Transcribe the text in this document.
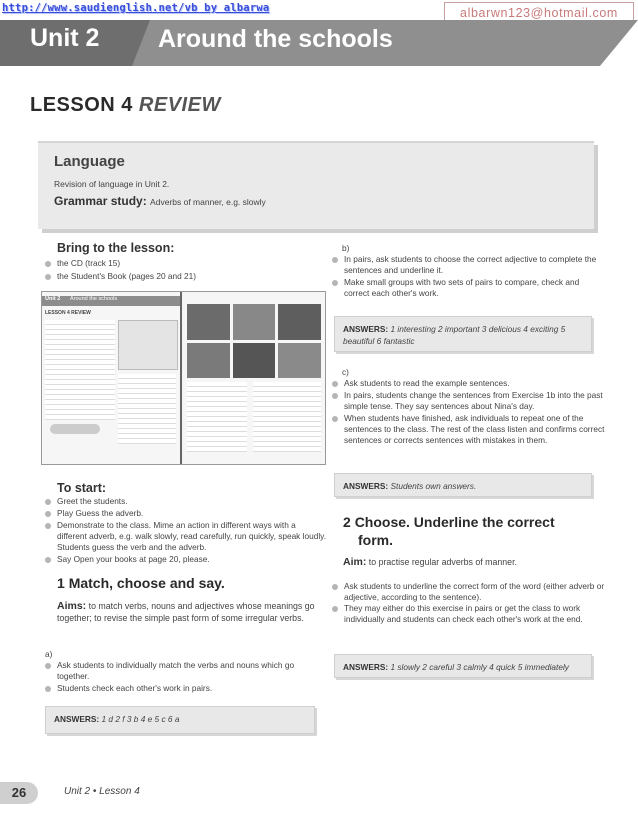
http://www.saudienglish.net/vb by albarwa	albarwn123@hotmail.com
Unit 2 Around the schools
LESSON 4 REVIEW
Language
Revision of language in Unit 2.
Grammar study: Adverbs of manner, e.g. slowly
Bring to the lesson:
the CD (track 15)
the Student's Book (pages 20 and 21)
Unit 2 Around the schools
LESSON 4 REVIEW
To start:
Greet the students.
Play Guess the adverb.
Demonstrate to the class. Mime an action in different ways with a different adverb, e.g. walk slowly, read carefully, run quickly, speak loudly. Students guess the verb and the adverb.
Say Open your books at page 20, please.
1 Match, choose and say.
Aims: to match verbs, nouns and adjectives whose meanings go together; to revise the simple past form of some irregular verbs.
a)
Ask students to individually match the verbs and nouns which go together.
Students check each other's work in pairs.
ANSWERS: 1 d 2 f 3 b 4 e 5 c 6 a
b)
In pairs, ask students to choose the correct adjective to complete the sentences and underline it.
Make small groups with two sets of pairs to compare, check and correct each other's work.
ANSWERS: 1 interesting 2 important 3 delicious 4 exciting 5 beautiful 6 fantastic
c)
Ask students to read the example sentences.
In pairs, students change the sentences from Exercise 1b into the past simple tense. They say sentences about Nina's day.
When students have finished, ask individuals to repeat one of the sentences to the class. The rest of the class listen and confirms correct sentences or corrects sentences with mistakes in them.
ANSWERS: Students own answers.
2 Choose. Underline the correct
form.
Aim: to practise regular adverbs of manner.
Ask students to underline the correct form of the word (either adverb or adjective, according to the sentence).
They may either do this exercise in pairs or get the class to work individually and students can check each other's work at the end.
ANSWERS: 1 slowly 2 careful 3 calmly 4 quick 5 immediately
26	Unit 2 • Lesson 4
